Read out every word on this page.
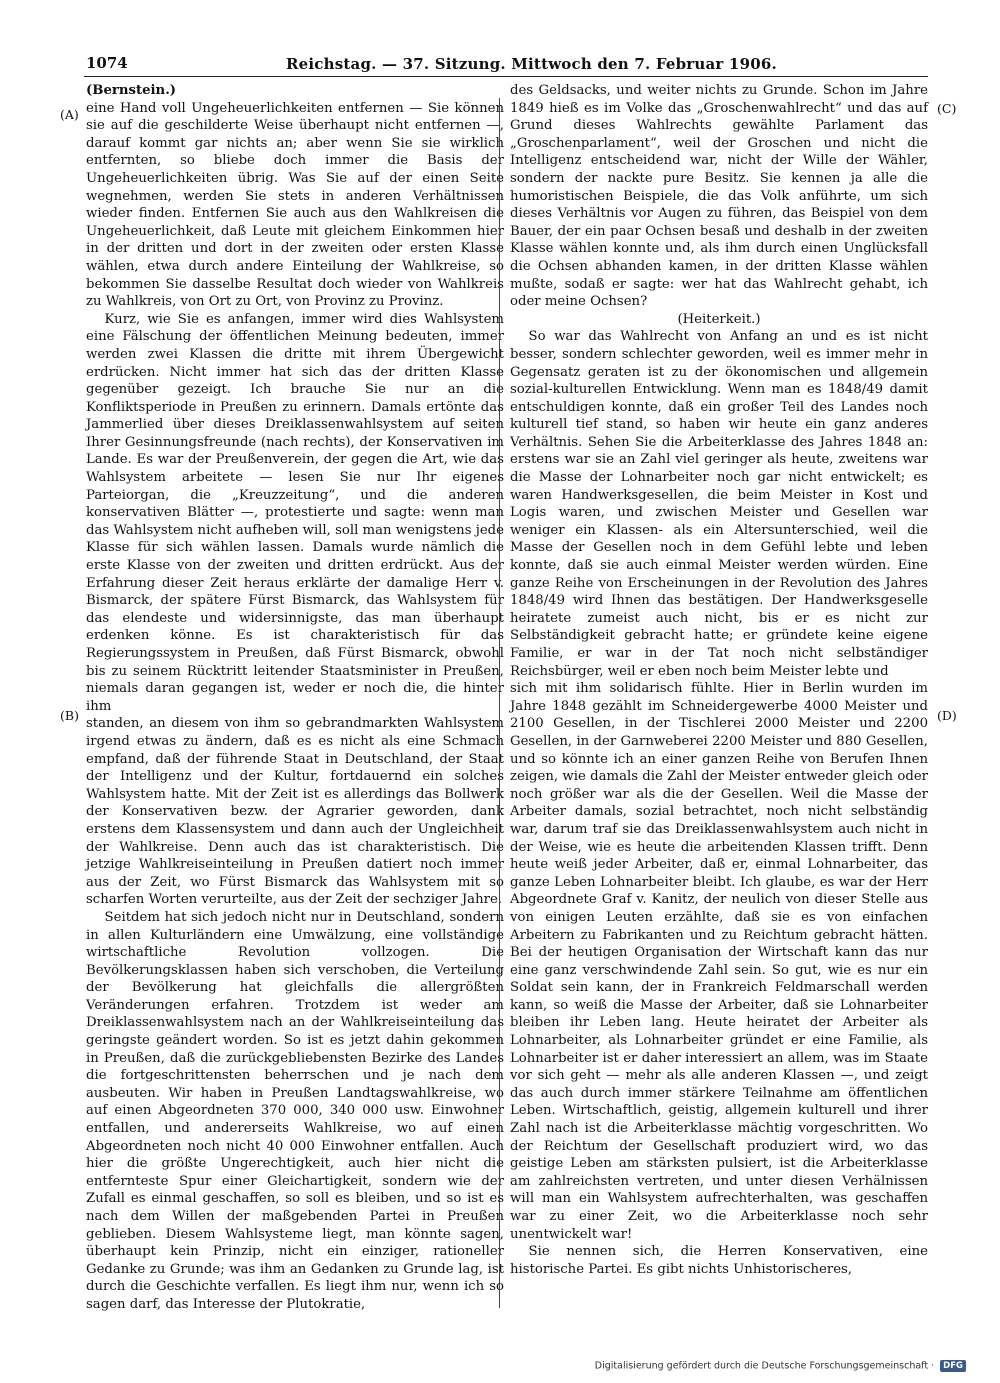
1074	Reichstag. — 37. Sitzung. Mittwoch den 7. Februar 1906.
(A)
(B)
(C)
(D)

(Bernstein.)

eine Hand voll Ungeheuerlichkeiten entfernen — Sie können sie auf die geschilderte Weise überhaupt nicht entfernen —, darauf kommt gar nichts an; aber wenn Sie sie wirklich entfernten, so bliebe doch immer die Basis der Ungeheuerlichkeiten übrig. Was Sie auf der einen Seite wegnehmen, werden Sie stets in anderen Verhältnissen wieder finden. Entfernen Sie auch aus den Wahlkreisen die Ungeheuerlichkeit, daß Leute mit gleichem Einkommen hier in der dritten und dort in der zweiten oder ersten Klasse wählen, etwa durch andere Einteilung der Wahlkreise, so bekommen Sie dasselbe Resultat doch wieder von Wahlkreis zu Wahlkreis, von Ort zu Ort, von Provinz zu Provinz.

Kurz, wie Sie es anfangen, immer wird dies Wahlsystem eine Fälschung der öffentlichen Meinung bedeuten, immer werden zwei Klassen die dritte mit ihrem Übergewicht erdrücken. Nicht immer hat sich das der dritten Klasse gegenüber gezeigt. Ich brauche Sie nur an die Konfliktsperiode in Preußen zu erinnern. Damals ertönte das Jammerlied über dieses Dreiklassenwahlsystem auf seiten Ihrer Gesinnungsfreunde (nach rechts), der Konservativen im Lande. Es war der Preußenverein, der gegen die Art, wie das Wahlsystem arbeitete — lesen Sie nur Ihr eigenes Parteiorgan, die „Kreuzzeitung“, und die anderen konservativen Blätter —, protestierte und sagte: wenn man das Wahlsystem nicht aufheben will, soll man wenigstens jede Klasse für sich wählen lassen. Damals wurde nämlich die erste Klasse von der zweiten und dritten erdrückt. Aus der Erfahrung dieser Zeit heraus erklärte der damalige Herr v. Bismarck, der spätere Fürst Bismarck, das Wahlsystem für das elendeste und widersinnigste, das man überhaupt erdenken könne. Es ist charakteristisch für das Regierungssystem in Preußen, daß Fürst Bismarck, obwohl bis zu seinem Rücktritt leitender Staatsminister in Preußen, niemals daran gegangen ist, weder er noch die, die hinter ihm

standen, an diesem von ihm so gebrandmarkten Wahlsystem irgend etwas zu ändern, daß es es nicht als eine Schmach empfand, daß der führende Staat in Deutschland, der Staat der Intelligenz und der Kultur, fortdauernd ein solches Wahlsystem hatte. Mit der Zeit ist es allerdings das Bollwerk der Konservativen bezw. der Agrarier geworden, dank erstens dem Klassensystem und dann auch der Ungleichheit der Wahlkreise. Denn auch das ist charakteristisch. Die jetzige Wahlkreiseinteilung in Preußen datiert noch immer aus der Zeit, wo Fürst Bismarck das Wahlsystem mit so scharfen Worten verurteilte, aus der Zeit der sechziger Jahre.

Seitdem hat sich jedoch nicht nur in Deutschland, sondern in allen Kulturländern eine Umwälzung, eine vollständige wirtschaftliche Revolution vollzogen. Die Bevölkerungsklassen haben sich verschoben, die Verteilung der Bevölkerung hat gleichfalls die allergrößten Veränderungen erfahren. Trotzdem ist weder am Dreiklassenwahlsystem nach an der Wahlkreiseinteilung das geringste geändert worden. So ist es jetzt dahin gekommen in Preußen, daß die zurückgebliebensten Bezirke des Landes die fortgeschrittensten beherrschen und je nach dem ausbeuten. Wir haben in Preußen Landtagswahlkreise, wo auf einen Abgeordneten 370 000, 340 000 usw. Einwohner entfallen, und andererseits Wahlkreise, wo auf einen Abgeordneten noch nicht 40 000 Einwohner entfallen. Auch hier die größte Ungerechtigkeit, auch hier nicht die entfernteste Spur einer Gleichartigkeit, sondern wie der Zufall es einmal geschaffen, so soll es bleiben, und so ist es nach dem Willen der maßgebenden Partei in Preußen geblieben. Diesem Wahlsysteme liegt, man könnte sagen, überhaupt kein Prinzip, nicht ein einziger, rationeller Gedanke zu Grunde; was ihm an Gedanken zu Grunde lag, ist durch die Geschichte verfallen. Es liegt ihm nur, wenn ich so sagen darf, das Interesse der Plutokratie,

des Geldsacks, und weiter nichts zu Grunde. Schon im Jahre 1849 hieß es im Volke das „Groschenwahlrecht“ und das auf Grund dieses Wahlrechts gewählte Parlament das „Groschenparlament“, weil der Groschen und nicht die Intelligenz entscheidend war, nicht der Wille der Wähler, sondern der nackte pure Besitz. Sie kennen ja alle die humoristischen Beispiele, die das Volk anführte, um sich dieses Verhältnis vor Augen zu führen, das Beispiel von dem Bauer, der ein paar Ochsen besaß und deshalb in der zweiten Klasse wählen konnte und, als ihm durch einen Unglücksfall die Ochsen abhanden kamen, in der dritten Klasse wählen mußte, sodaß er sagte: wer hat das Wahlrecht gehabt, ich oder meine Ochsen?

(Heiterkeit.)

So war das Wahlrecht von Anfang an und es ist nicht besser, sondern schlechter geworden, weil es immer mehr in Gegensatz geraten ist zu der ökonomischen und allgemein sozial-kulturellen Entwicklung. Wenn man es 1848/49 damit entschuldigen konnte, daß ein großer Teil des Landes noch kulturell tief stand, so haben wir heute ein ganz anderes Verhältnis. Sehen Sie die Arbeiterklasse des Jahres 1848 an: erstens war sie an Zahl viel geringer als heute, zweitens war die Masse der Lohnarbeiter noch gar nicht entwickelt; es waren Handwerksgesellen, die beim Meister in Kost und Logis waren, und zwischen Meister und Gesellen war weniger ein Klassen- als ein Altersunterschied, weil die Masse der Gesellen noch in dem Gefühl lebte und leben konnte, daß sie auch einmal Meister werden würden. Eine ganze Reihe von Erscheinungen in der Revolution des Jahres 1848/49 wird Ihnen das bestätigen. Der Handwerksgeselle heiratete zumeist auch nicht, bis er es nicht zur Selbständigkeit gebracht hatte; er gründete keine eigene Familie, er war in der Tat noch nicht selbständiger Reichsbürger, weil er eben noch beim Meister lebte und

sich mit ihm solidarisch fühlte. Hier in Berlin wurden im Jahre 1848 gezählt im Schneidergewerbe 4000 Meister und 2100 Gesellen, in der Tischlerei 2000 Meister und 2200 Gesellen, in der Garnweberei 2200 Meister und 880 Gesellen, und so könnte ich an einer ganzen Reihe von Berufen Ihnen zeigen, wie damals die Zahl der Meister entweder gleich oder noch größer war als die der Gesellen. Weil die Masse der Arbeiter damals, sozial betrachtet, noch nicht selbständig war, darum traf sie das Dreiklassenwahlsystem auch nicht in der Weise, wie es heute die arbeitenden Klassen trifft. Denn heute weiß jeder Arbeiter, daß er, einmal Lohnarbeiter, das ganze Leben Lohnarbeiter bleibt. Ich glaube, es war der Herr Abgeordnete Graf v. Kanitz, der neulich von dieser Stelle aus von einigen Leuten erzählte, daß sie es von einfachen Arbeitern zu Fabrikanten und zu Reichtum gebracht hätten. Bei der heutigen Organisation der Wirtschaft kann das nur eine ganz verschwindende Zahl sein. So gut, wie es nur ein Soldat sein kann, der in Frankreich Feldmarschall werden kann, so weiß die Masse der Arbeiter, daß sie Lohnarbeiter bleiben ihr Leben lang. Heute heiratet der Arbeiter als Lohnarbeiter, als Lohnarbeiter gründet er eine Familie, als Lohnarbeiter ist er daher interessiert an allem, was im Staate vor sich geht — mehr als alle anderen Klassen —, und zeigt das auch durch immer stärkere Teilnahme am öffentlichen Leben. Wirtschaftlich, geistig, allgemein kulturell und ihrer Zahl nach ist die Arbeiterklasse mächtig vorgeschritten. Wo der Reichtum der Gesellschaft produziert wird, wo das geistige Leben am stärksten pulsiert, ist die Arbeiterklasse am zahlreichsten vertreten, und unter diesen Verhälnissen will man ein Wahlsystem aufrechterhalten, was geschaffen war zu einer Zeit, wo die Arbeiterklasse noch sehr unentwickelt war!

Sie nennen sich, die Herren Konservativen, eine historische Partei. Es gibt nichts Unhistorischeres,

Digitalisierung gefördert durch die Deutsche Forschungsgemeinschaft · DFG
